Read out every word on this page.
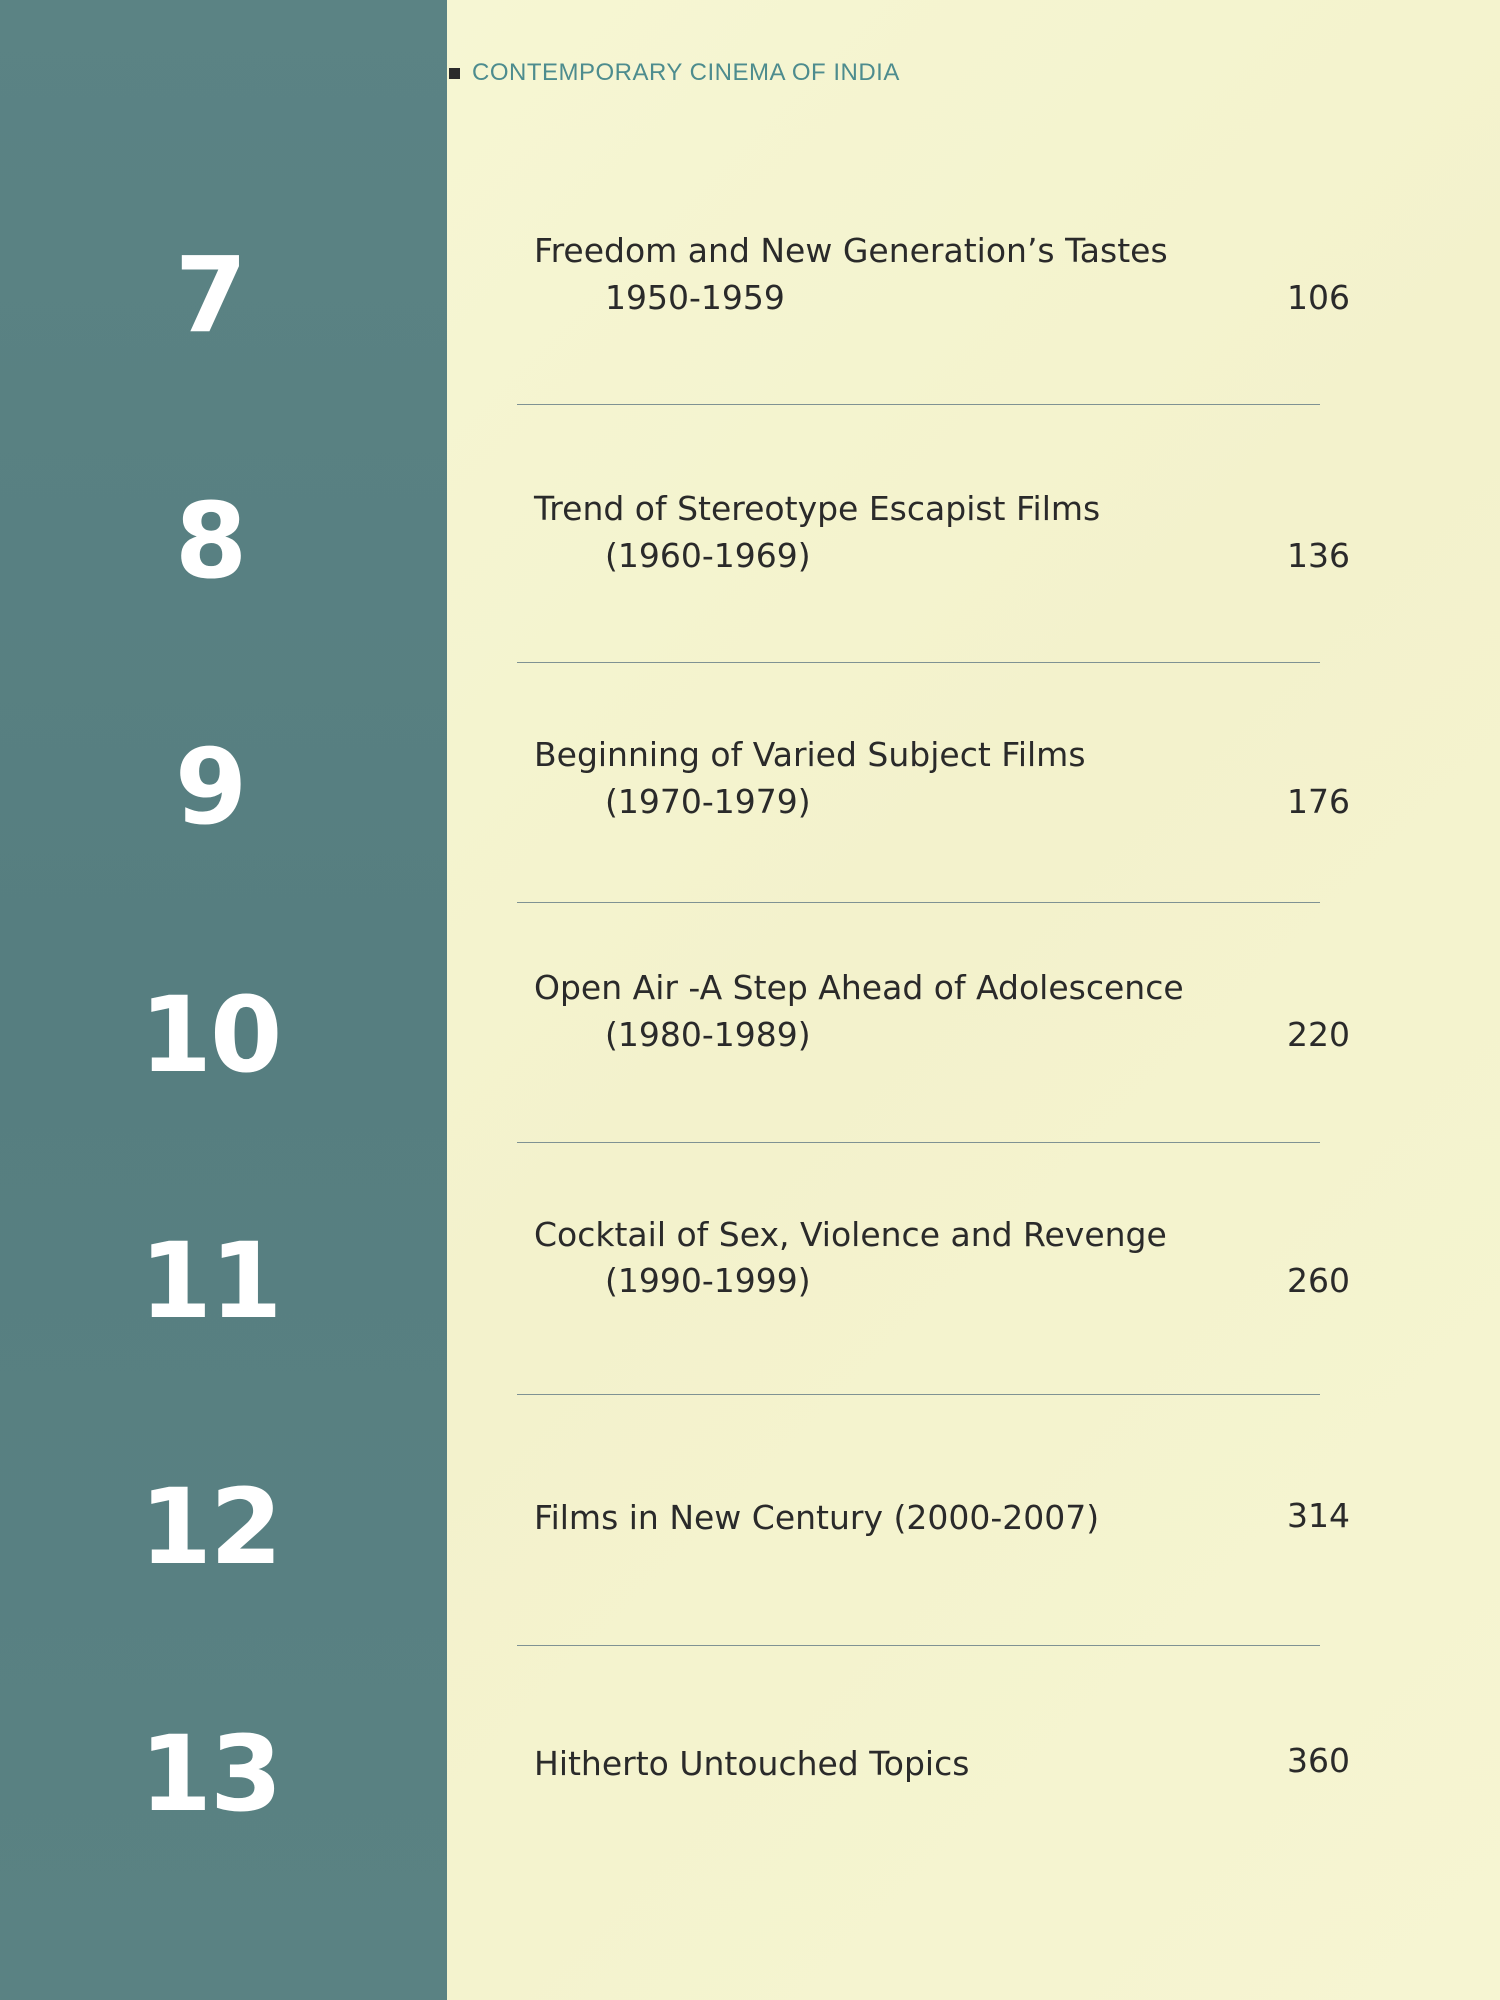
CONTEMPORARY CINEMA OF INDIA
7	Freedom and New Generation’s Tastes
1950-1959	106
8	Trend of Stereotype Escapist Films
(1960-1969)	136
9	Beginning of Varied Subject Films
(1970-1979)	176
10	Open Air -A Step Ahead of Adolescence
(1980-1989)	220
11	Cocktail of Sex, Violence and Revenge
(1990-1999)	260
12	Films in New Century (2000-2007)	314
13	Hitherto Untouched Topics	360
